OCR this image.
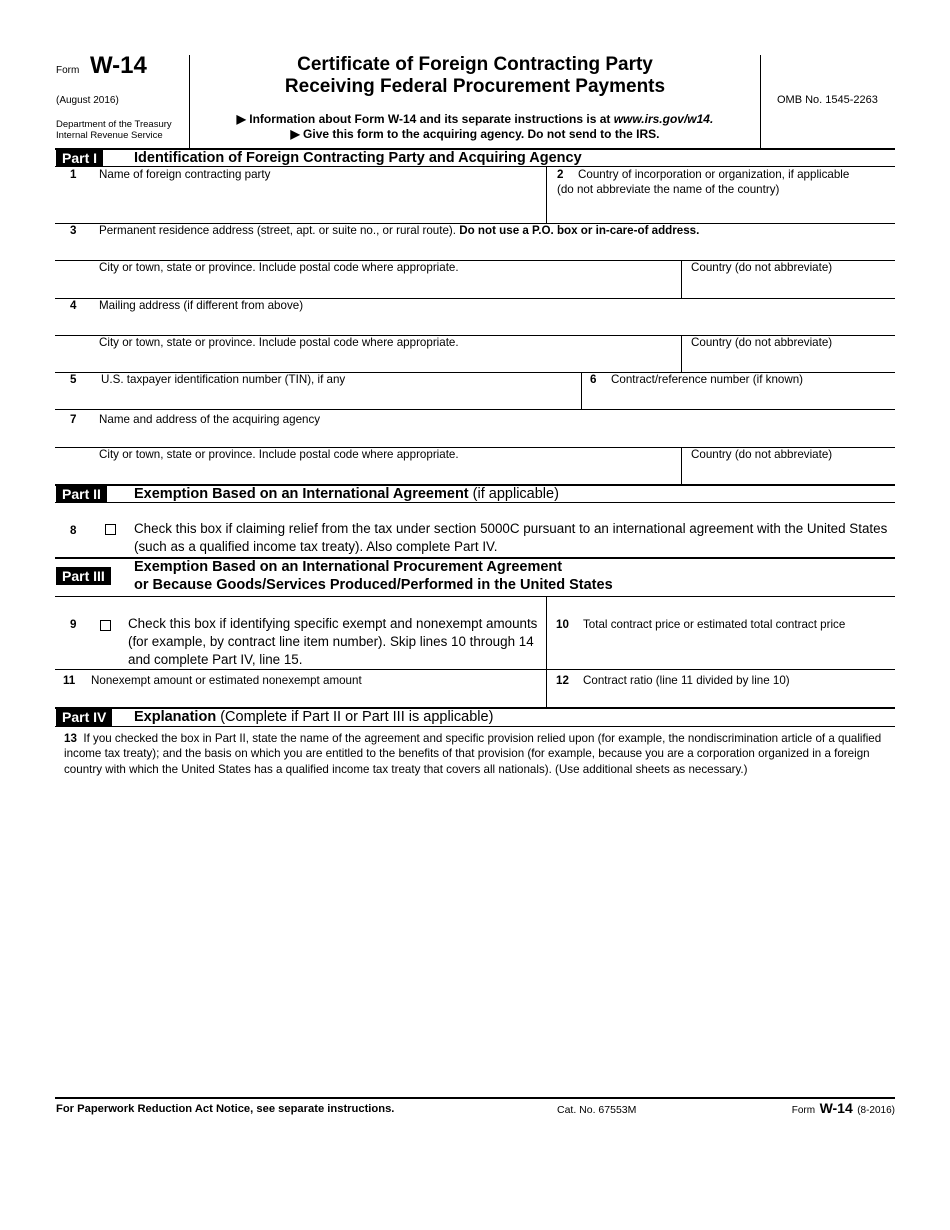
Form W-14
(August 2016)
Department of the Treasury
Internal Revenue Service
Certificate of Foreign Contracting Party
Receiving Federal Procurement Payments
▶ Information about Form W-14 and its separate instructions is at www.irs.gov/w14.
▶ Give this form to the acquiring agency. Do not send to the IRS.
OMB No. 1545-2263
Part I	Identification of Foreign Contracting Party and Acquiring Agency
1 Name of foreign contracting party	2 Country of incorporation or organization, if applicable
(do not abbreviate the name of the country)
3 Permanent residence address (street, apt. or suite no., or rural route). Do not use a P.O. box or in-care-of address.
City or town, state or province. Include postal code where appropriate.	Country (do not abbreviate)
4 Mailing address (if different from above)
City or town, state or province. Include postal code where appropriate.	Country (do not abbreviate)
5 U.S. taxpayer identification number (TIN), if any	6 Contract/reference number (if known)
7 Name and address of the acquiring agency
City or town, state or province. Include postal code where appropriate.	Country (do not abbreviate)
Part II	Exemption Based on an International Agreement (if applicable)
8	Check this box if claiming relief from the tax under section 5000C pursuant to an international agreement with the United States (such as a qualified income tax treaty). Also complete Part IV.
Part III
Exemption Based on an International Procurement Agreement
or Because Goods/Services Produced/Performed in the United States
9	Check this box if identifying specific exempt and nonexempt amounts (for example, by contract line item number). Skip lines 10 through 14 and complete Part IV, line 15.
10 Total contract price or estimated total contract price
11 Nonexempt amount or estimated nonexempt amount	12 Contract ratio (line 11 divided by line 10)
Part IV	Explanation (Complete if Part II or Part III is applicable)
13 If you checked the box in Part II, state the name of the agreement and specific provision relied upon (for example, the nondiscrimination article of a qualified income tax treaty); and the basis on which you are entitled to the benefits of that provision (for example, because you are a corporation organized in a foreign country with which the United States has a qualified income tax treaty that covers all nationals). (Use additional sheets as necessary.)
For Paperwork Reduction Act Notice, see separate instructions.	Cat. No. 67553M	Form W-14 (8-2016)
